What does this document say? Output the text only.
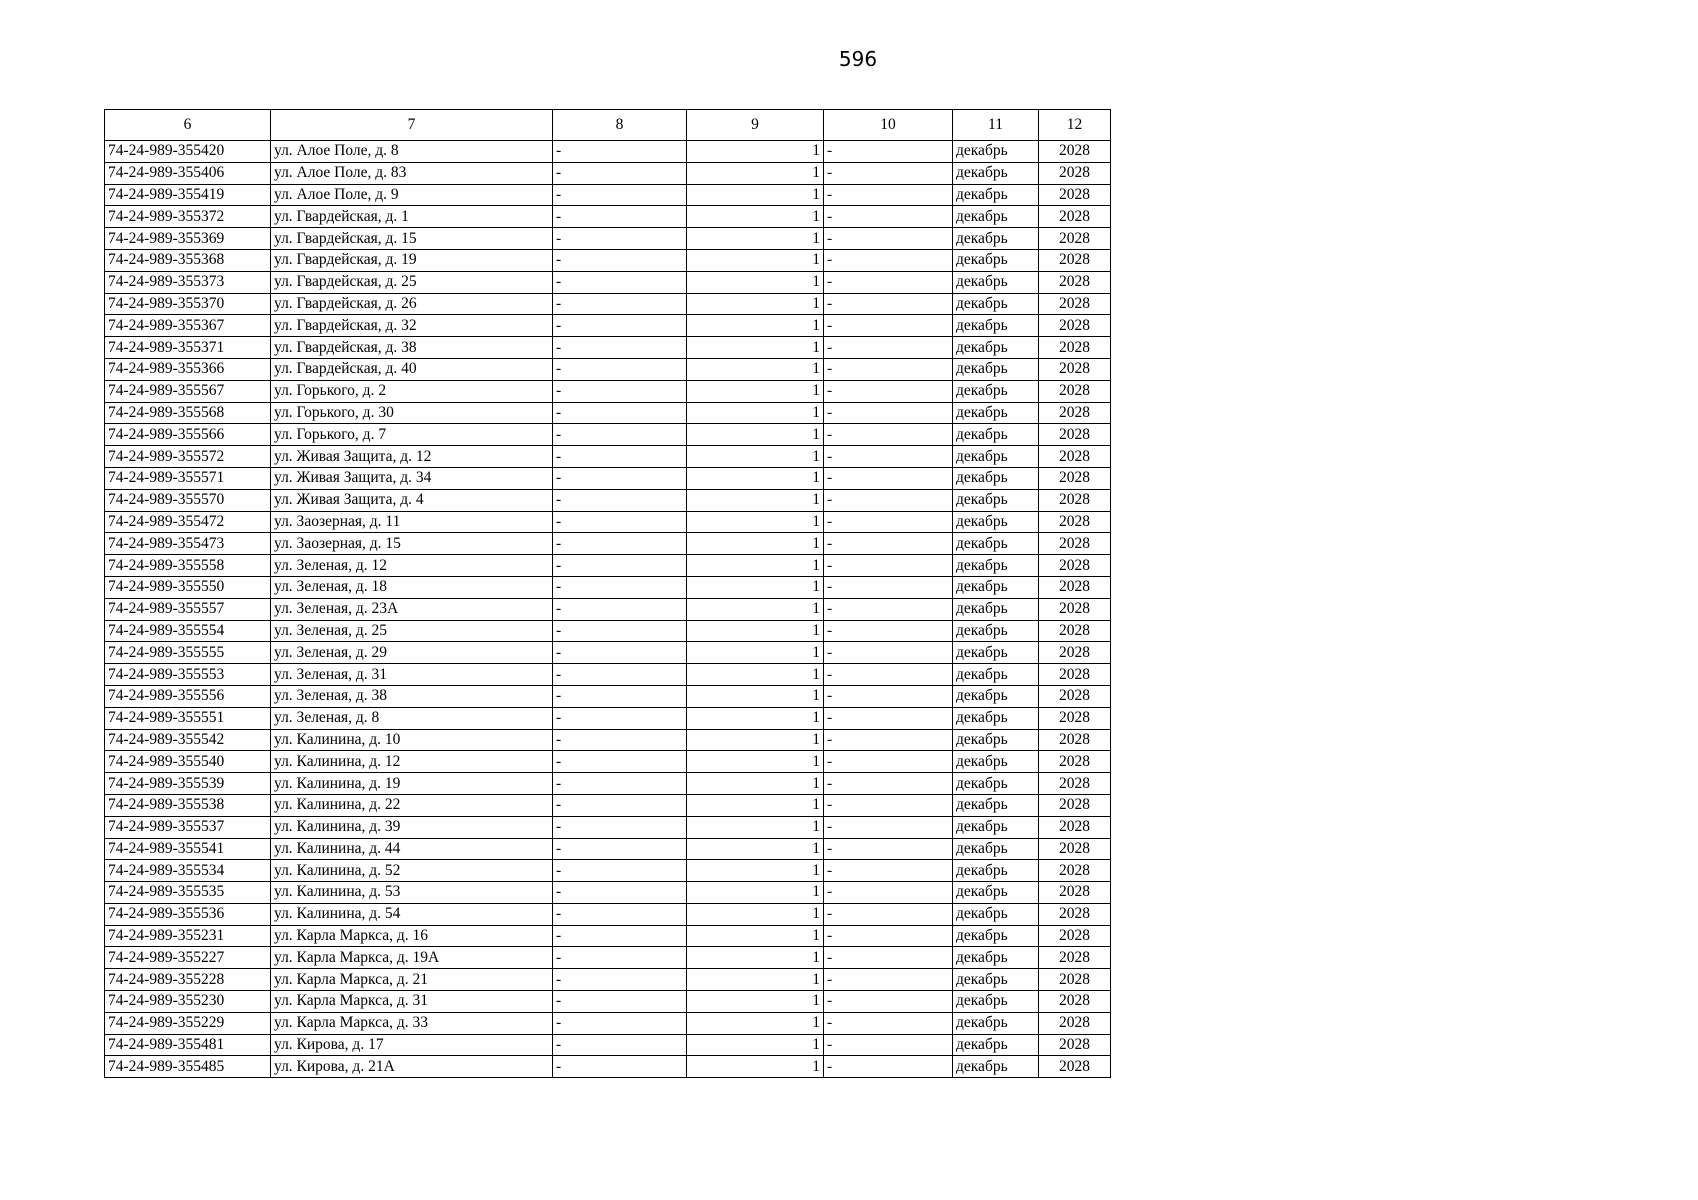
596
6	7	8	9	10	11	12
74-24-989-355420	ул. Алое Поле, д. 8	-	1	-	декабрь	2028
74-24-989-355406	ул. Алое Поле, д. 83	-	1	-	декабрь	2028
74-24-989-355419	ул. Алое Поле, д. 9	-	1	-	декабрь	2028
74-24-989-355372	ул. Гвардейская, д. 1	-	1	-	декабрь	2028
74-24-989-355369	ул. Гвардейская, д. 15	-	1	-	декабрь	2028
74-24-989-355368	ул. Гвардейская, д. 19	-	1	-	декабрь	2028
74-24-989-355373	ул. Гвардейская, д. 25	-	1	-	декабрь	2028
74-24-989-355370	ул. Гвардейская, д. 26	-	1	-	декабрь	2028
74-24-989-355367	ул. Гвардейская, д. 32	-	1	-	декабрь	2028
74-24-989-355371	ул. Гвардейская, д. 38	-	1	-	декабрь	2028
74-24-989-355366	ул. Гвардейская, д. 40	-	1	-	декабрь	2028
74-24-989-355567	ул. Горького, д. 2	-	1	-	декабрь	2028
74-24-989-355568	ул. Горького, д. 30	-	1	-	декабрь	2028
74-24-989-355566	ул. Горького, д. 7	-	1	-	декабрь	2028
74-24-989-355572	ул. Живая Защита, д. 12	-	1	-	декабрь	2028
74-24-989-355571	ул. Живая Защита, д. 34	-	1	-	декабрь	2028
74-24-989-355570	ул. Живая Защита, д. 4	-	1	-	декабрь	2028
74-24-989-355472	ул. Заозерная, д. 11	-	1	-	декабрь	2028
74-24-989-355473	ул. Заозерная, д. 15	-	1	-	декабрь	2028
74-24-989-355558	ул. Зеленая, д. 12	-	1	-	декабрь	2028
74-24-989-355550	ул. Зеленая, д. 18	-	1	-	декабрь	2028
74-24-989-355557	ул. Зеленая, д. 23А	-	1	-	декабрь	2028
74-24-989-355554	ул. Зеленая, д. 25	-	1	-	декабрь	2028
74-24-989-355555	ул. Зеленая, д. 29	-	1	-	декабрь	2028
74-24-989-355553	ул. Зеленая, д. 31	-	1	-	декабрь	2028
74-24-989-355556	ул. Зеленая, д. 38	-	1	-	декабрь	2028
74-24-989-355551	ул. Зеленая, д. 8	-	1	-	декабрь	2028
74-24-989-355542	ул. Калинина, д. 10	-	1	-	декабрь	2028
74-24-989-355540	ул. Калинина, д. 12	-	1	-	декабрь	2028
74-24-989-355539	ул. Калинина, д. 19	-	1	-	декабрь	2028
74-24-989-355538	ул. Калинина, д. 22	-	1	-	декабрь	2028
74-24-989-355537	ул. Калинина, д. 39	-	1	-	декабрь	2028
74-24-989-355541	ул. Калинина, д. 44	-	1	-	декабрь	2028
74-24-989-355534	ул. Калинина, д. 52	-	1	-	декабрь	2028
74-24-989-355535	ул. Калинина, д. 53	-	1	-	декабрь	2028
74-24-989-355536	ул. Калинина, д. 54	-	1	-	декабрь	2028
74-24-989-355231	ул. Карла Маркса, д. 16	-	1	-	декабрь	2028
74-24-989-355227	ул. Карла Маркса, д. 19А	-	1	-	декабрь	2028
74-24-989-355228	ул. Карла Маркса, д. 21	-	1	-	декабрь	2028
74-24-989-355230	ул. Карла Маркса, д. 31	-	1	-	декабрь	2028
74-24-989-355229	ул. Карла Маркса, д. 33	-	1	-	декабрь	2028
74-24-989-355481	ул. Кирова, д. 17	-	1	-	декабрь	2028
74-24-989-355485	ул. Кирова, д. 21А	-	1	-	декабрь	2028
